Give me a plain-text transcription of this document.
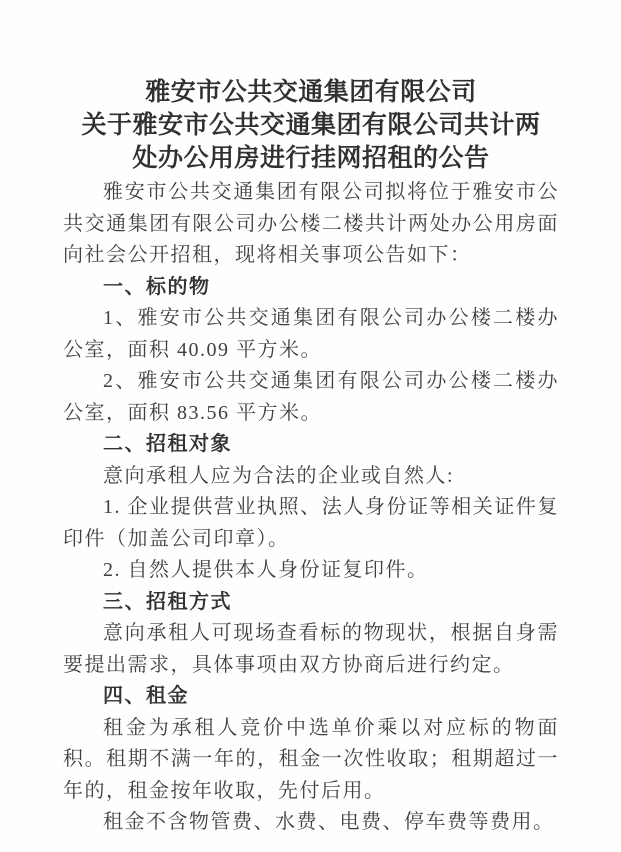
雅安市公共交通集团有限公司
关于雅安市公共交通集团有限公司共计两
处办公用房进行挂网招租的公告

雅安市公共交通集团有限公司拟将位于雅安市公共交通集团有限公司办公楼二楼共计两处办公用房面向社会公开招租，现将相关事项公告如下：

一、标的物

1、雅安市公共交通集团有限公司办公楼二楼办公室，面积 40.09 平方米。

2、雅安市公共交通集团有限公司办公楼二楼办公室，面积 83.56 平方米。

二、招租对象

意向承租人应为合法的企业或自然人:

1. 企业提供营业执照、法人身份证等相关证件复印件（加盖公司印章）。

2. 自然人提供本人身份证复印件。

三、招租方式

意向承租人可现场查看标的物现状，根据自身需要提出需求，具体事项由双方协商后进行约定。

四、租金

租金为承租人竞价中选单价乘以对应标的物面积。租期不满一年的，租金一次性收取；租期超过一年的，租金按年收取，先付后用。

租金不含物管费、水费、电费、停车费等费用。
